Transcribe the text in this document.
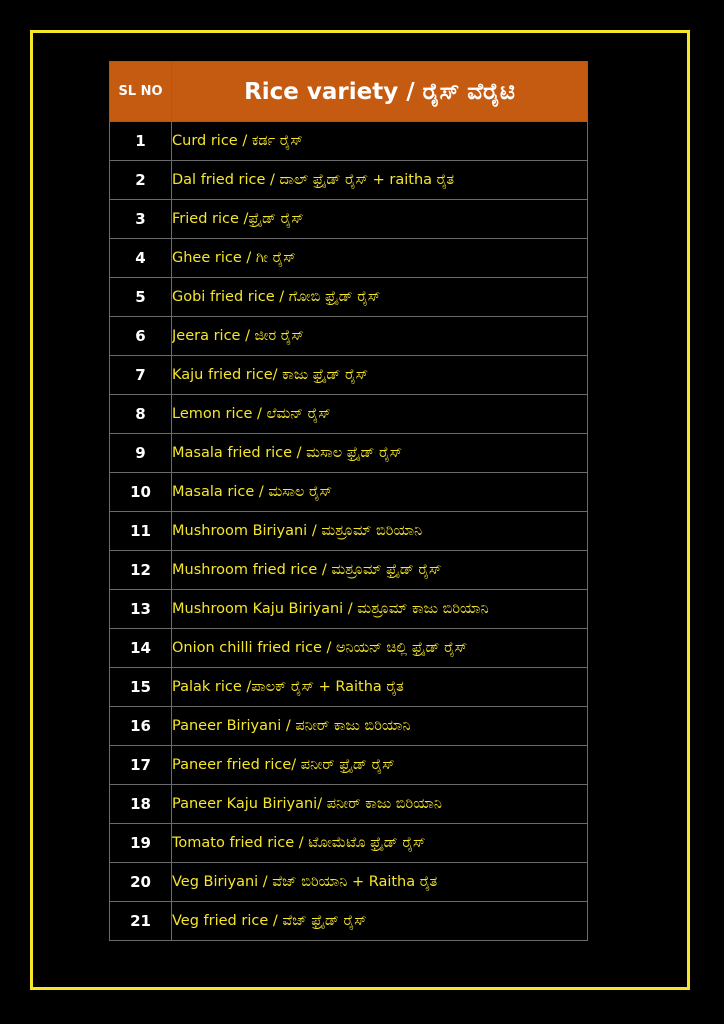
SL NO	Rice variety / ರೈಸ್ ವೆರೈಟಿ
1	Curd rice / ಕರ್ಡ ರೈಸ್
2	Dal fried rice / ದಾಲ್ ಫ್ರೈಡ್ ರೈಸ್ + raitha ರೈತ
3	Fried rice /ಫ್ರೈಡ್ ರೈಸ್
4	Ghee rice / ಗೀ ರೈಸ್
5	Gobi fried rice / ಗೋಬಿ ಫ್ರೈಡ್ ರೈಸ್
6	Jeera rice / ಜೀರ ರೈಸ್
7	Kaju fried rice/ ಕಾಜು ಫ್ರೈಡ್ ರೈಸ್
8	Lemon rice / ಲೆಮನ್ ರೈಸ್
9	Masala fried rice / ಮಸಾಲ ಫ್ರೈಡ್ ರೈಸ್
10	Masala rice / ಮಸಾಲ ರೈಸ್
11	Mushroom Biriyani / ಮಶ್ರೂಮ್ ಬಿರಿಯಾನಿ
12	Mushroom fried rice / ಮಶ್ರೂಮ್ ಫ್ರೈಡ್ ರೈಸ್
13	Mushroom Kaju Biriyani / ಮಶ್ರೂಮ್ ಕಾಜು ಬಿರಿಯಾನಿ
14	Onion chilli fried rice / ಅನಿಯನ್ ಚಿಲ್ಲಿ ಫ್ರೈಡ್ ರೈಸ್
15	Palak rice /ಪಾಲಕ್ ರೈಸ್ + Raitha ರೈತ
16	Paneer Biriyani / ಪನೀರ್ ಕಾಜು ಬಿರಿಯಾನಿ
17	Paneer fried rice/ ಪನೀರ್ ಫ್ರೈಡ್ ರೈಸ್
18	Paneer Kaju Biriyani/ ಪನೀರ್ ಕಾಜು ಬಿರಿಯಾನಿ
19	Tomato fried rice / ಟೋಮೆಟೊ ಫ್ರೈಡ್ ರೈಸ್
20	Veg Biriyani / ವೆಜ್ ಬಿರಿಯಾನಿ + Raitha ರೈತ
21	Veg fried rice / ವೆಜ್ ಫ್ರೈಡ್ ರೈಸ್
